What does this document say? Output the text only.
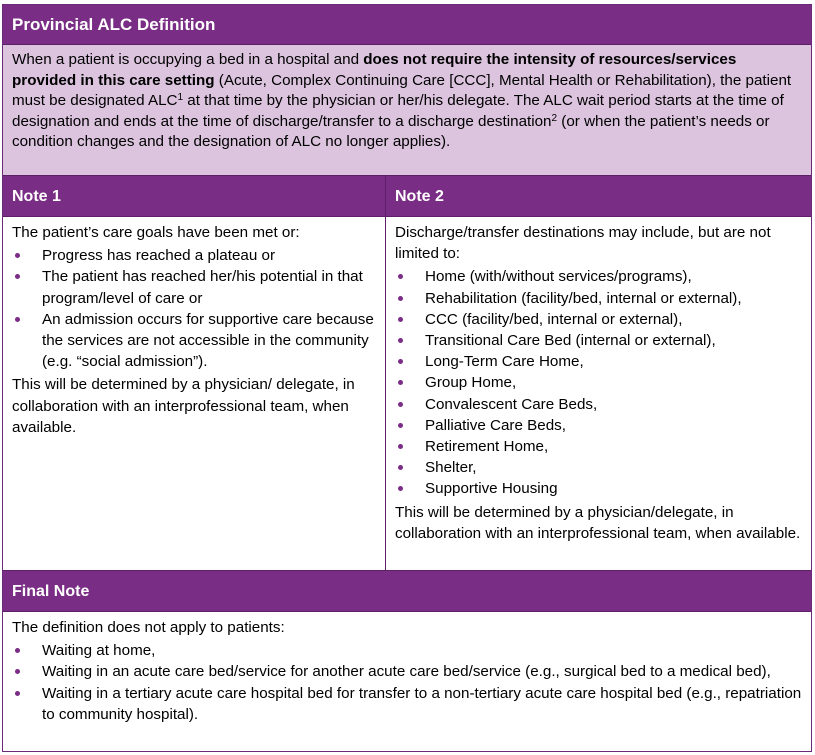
Provincial ALC Definition
When a patient is occupying a bed in a hospital and does not require the intensity of resources/services provided in this care setting (Acute, Complex Continuing Care [CCC], Mental Health or Rehabilitation), the patient must be designated ALC$^1$ at that time by the physician or her/his delegate. The ALC wait period starts at the time of designation and ends at the time of discharge/transfer to a discharge destination$^2$ (or when the patient’s needs or condition changes and the designation of ALC no longer applies).
Note 1	Note 2

The patient’s care goals have been met or:

Progress has reached a plateau or
The patient has reached her/his potential in that program/level of care or
An admission occurs for supportive care because the services are not accessible in the community (e.g. “social admission”).

This will be determined by a physician/ delegate, in collaboration with an interprofessional team, when available.

Discharge/transfer destinations may include, but are not limited to:

Home (with/without services/programs),
Rehabilitation (facility/bed, internal or external),
CCC (facility/bed, internal or external),
Transitional Care Bed (internal or external),
Long-Term Care Home,
Group Home,
Convalescent Care Beds,
Palliative Care Beds,
Retirement Home,
Shelter,
Supportive Housing

This will be determined by a physician/delegate, in collaboration with an interprofessional team, when available.

Final Note

The definition does not apply to patients:

Waiting at home,
Waiting in an acute care bed/service for another acute care bed/service (e.g., surgical bed to a medical bed),
Waiting in a tertiary acute care hospital bed for transfer to a non-tertiary acute care hospital bed (e.g., repatriation to community hospital).
